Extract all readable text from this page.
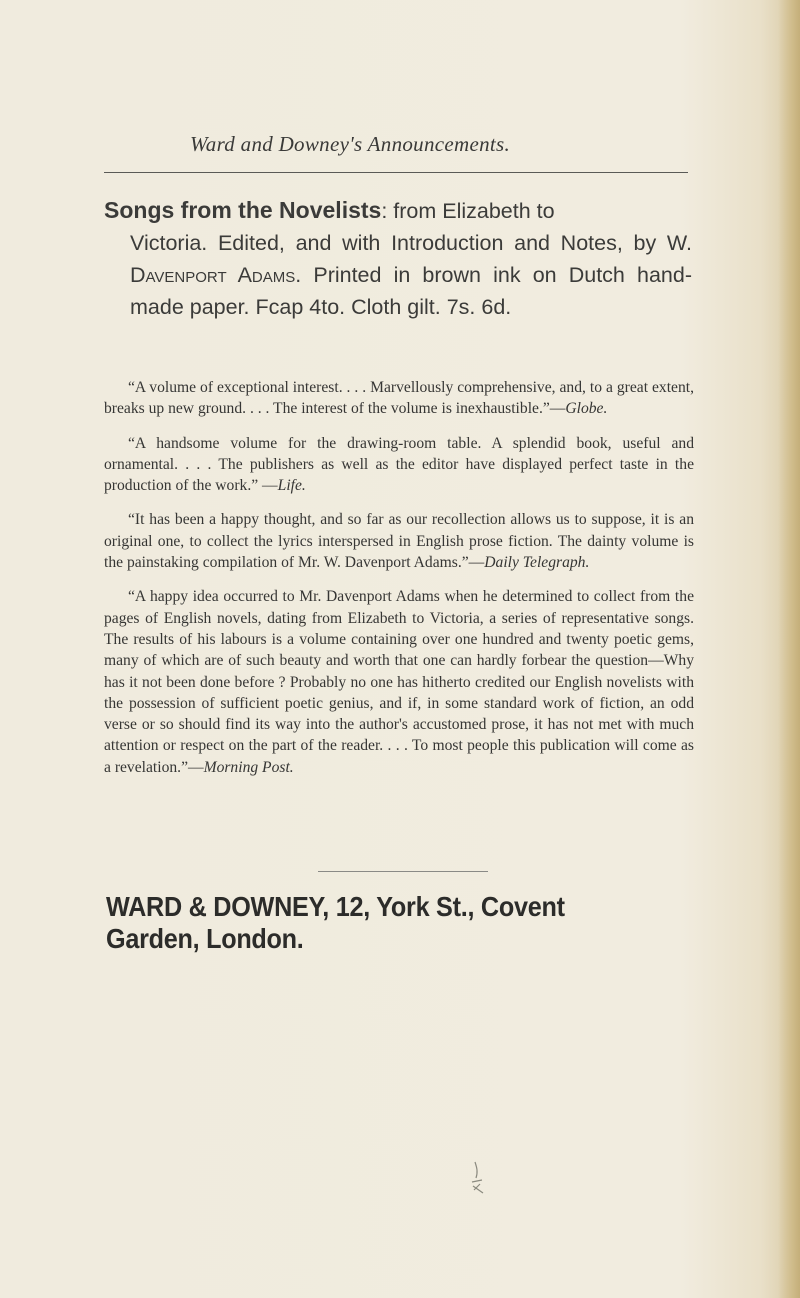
Ward and Downey's Announcements.
Songs from the Novelists: from Elizabeth to
Victoria. Edited, and with Introduction and Notes, by W. Davenport Adams. Printed in brown ink on Dutch hand-made paper. Fcap 4to. Cloth gilt. 7s. 6d.

“A volume of exceptional interest. . . . Marvellously comprehensive, and, to a great extent, breaks up new ground. . . . The interest of the volume is inexhaustible.”—Globe.

“A handsome volume for the drawing-room table. A splendid book, useful and ornamental. . . . The publishers as well as the editor have displayed perfect taste in the production of the work.” —Life.

“It has been a happy thought, and so far as our recollection allows us to suppose, it is an original one, to collect the lyrics interspersed in English prose fiction. The dainty volume is the painstaking compilation of Mr. W. Davenport Adams.”—Daily Telegraph.

“A happy idea occurred to Mr. Davenport Adams when he determined to collect from the pages of English novels, dating from Elizabeth to Victoria, a series of representative songs. The results of his labours is a volume containing over one hundred and twenty poetic gems, many of which are of such beauty and worth that one can hardly forbear the question—Why has it not been done before ? Probably no one has hitherto credited our English novelists with the possession of sufficient poetic genius, and if, in some standard work of fiction, an odd verse or so should find its way into the author's accustomed prose, it has not met with much attention or respect on the part of the reader. . . . To most people this publication will come as a revelation.”—Morning Post.

WARD & DOWNEY, 12, York St., Covent Garden, London.
